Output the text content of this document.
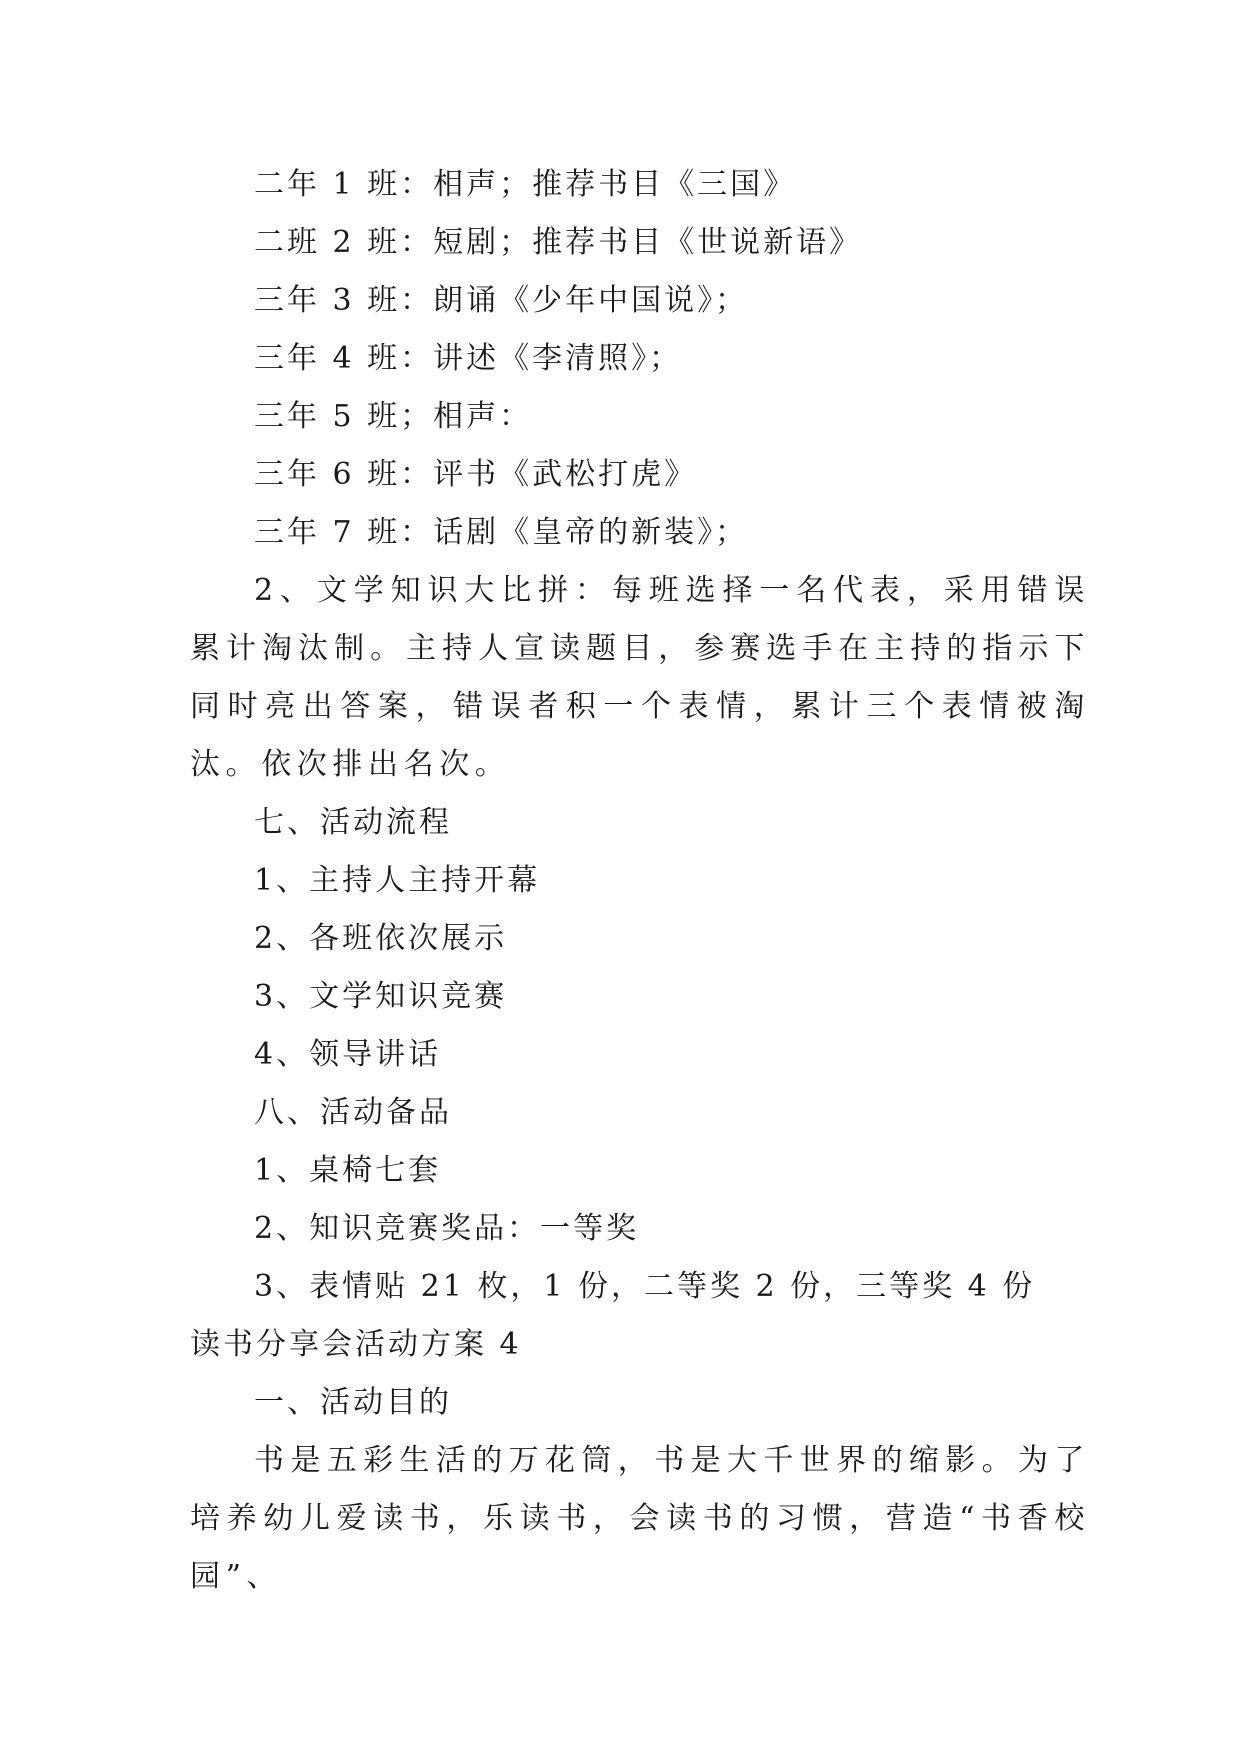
二年 1 班：相声；推荐书目《三国》
二班 2 班：短剧；推荐书目《世说新语》
三年 3 班：朗诵《少年中国说》；
三年 4 班：讲述《李清照》；
三年 5 班；相声：
三年 6 班：评书《武松打虎》
三年 7 班：话剧《皇帝的新装》；
2、文学知识大比拼：每班选择一名代表，采用错误累计淘汰制。主持人宣读题目，参赛选手在主持的指示下同时亮出答案，错误者积一个表情，累计三个表情被淘汰。依次排出名次。
七、活动流程
1、主持人主持开幕
2、各班依次展示
3、文学知识竞赛
4、领导讲话
八、活动备品
1、桌椅七套
2、知识竞赛奖品：一等奖
3、表情贴 21 枚，1 份，二等奖 2 份，三等奖 4 份
读书分享会活动方案 4
一、活动目的
书是五彩生活的万花筒，书是大千世界的缩影。为了培养幼儿爱读书，乐读书，会读书的习惯，营造“书香校园”、
